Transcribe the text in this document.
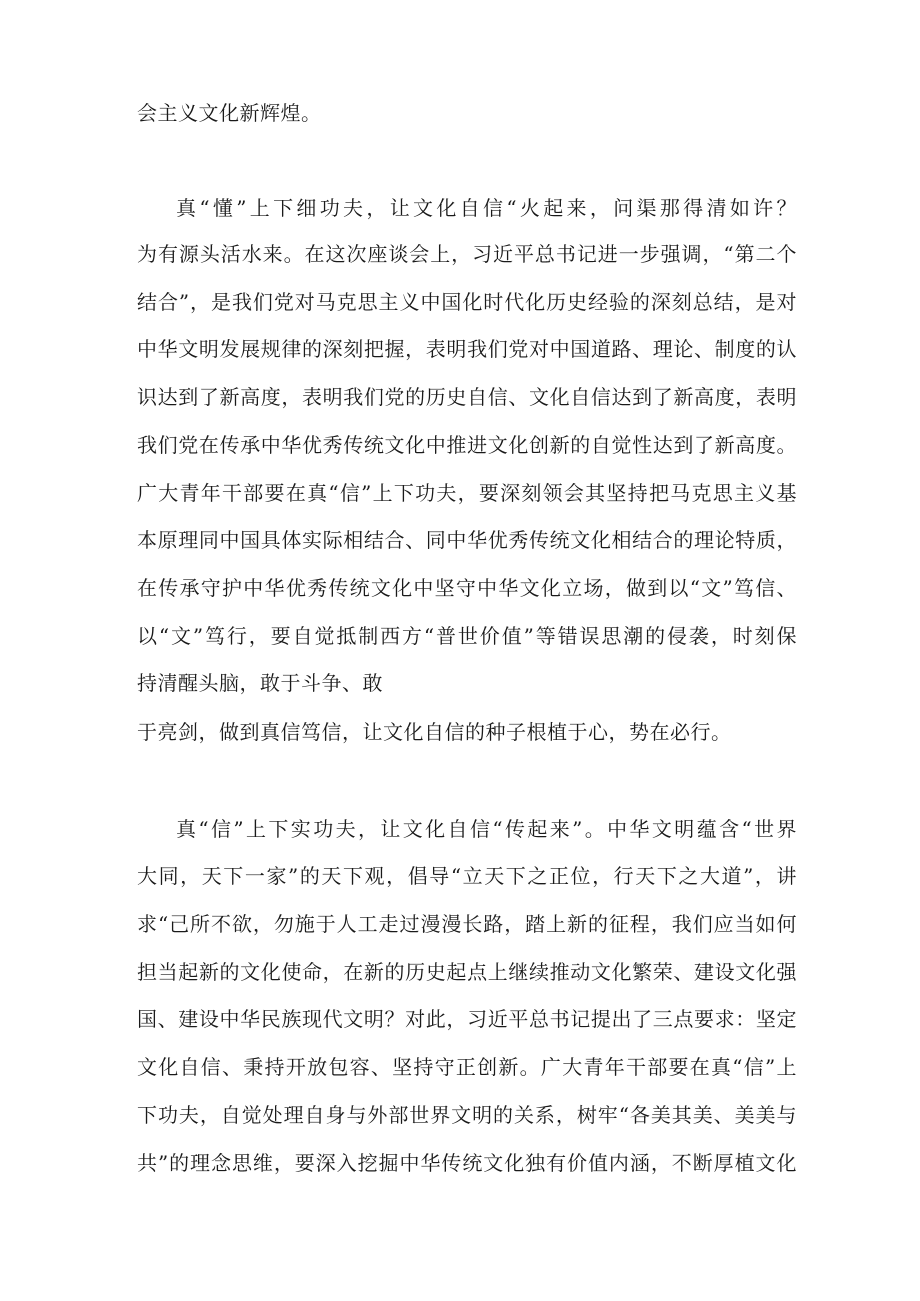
会主义文化新辉煌。
真“懂”上下细功夫，让文化自信“火起来，问渠那得清如许？
为有源头活水来。在这次座谈会上，习近平总书记进一步强调，“第二个
结合”，是我们党对马克思主义中国化时代化历史经验的深刻总结，是对
中华文明发展规律的深刻把握，表明我们党对中国道路、理论、制度的认
识达到了新高度，表明我们党的历史自信、文化自信达到了新高度，表明
我们党在传承中华优秀传统文化中推进文化创新的自觉性达到了新高度。
广大青年干部要在真“信”上下功夫，要深刻领会其坚持把马克思主义基
本原理同中国具体实际相结合、同中华优秀传统文化相结合的理论特质，
在传承守护中华优秀传统文化中坚守中华文化立场，做到以“文”笃信、
以“文”笃行，要自觉抵制西方“普世价值”等错误思潮的侵袭，时刻保
持清醒头脑，敢于斗争、敢
于亮剑，做到真信笃信，让文化自信的种子根植于心，势在必行。
真“信”上下实功夫，让文化自信“传起来”。中华文明蕴含“世界
大同，天下一家”的天下观，倡导“立天下之正位，行天下之大道”，讲
求“己所不欲，勿施于人工走过漫漫长路，踏上新的征程，我们应当如何
担当起新的文化使命，在新的历史起点上继续推动文化繁荣、建设文化强
国、建设中华民族现代文明？对此，习近平总书记提出了三点要求：坚定
文化自信、秉持开放包容、坚持守正创新。广大青年干部要在真“信”上
下功夫，自觉处理自身与外部世界文明的关系，树牢“各美其美、美美与
共”的理念思维，要深入挖掘中华传统文化独有价值内涵，不断厚植文化
